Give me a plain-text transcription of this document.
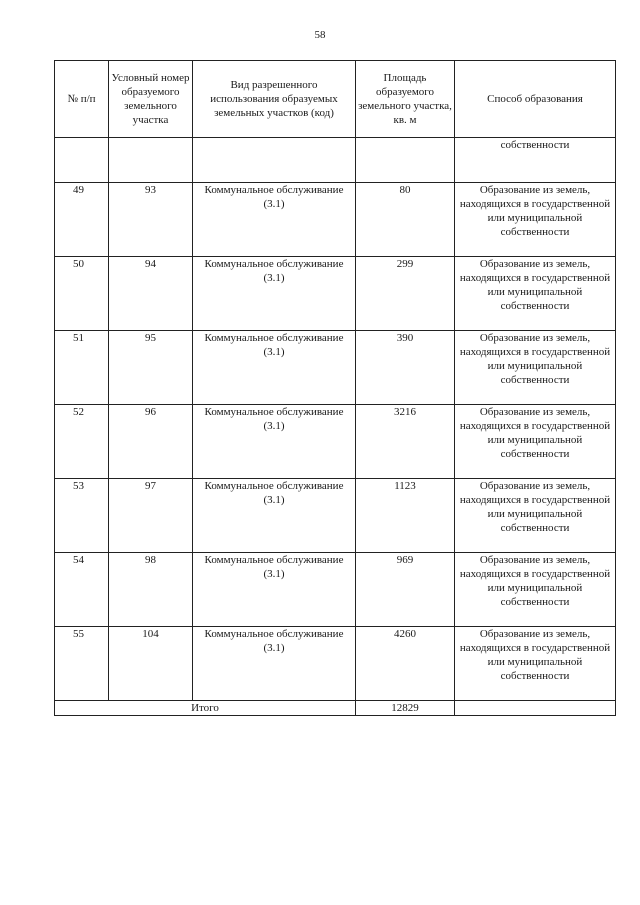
58
№ п/п	Условный номер образуемого земельного участка	Вид разрешенного использования образуемых земельных участков (код)	Площадь образуемого земельного участка, кв. м	Способ образования
				собственности
49	93	Коммунальное обслуживание (3.1)	80	Образование из земель, находящихся в государственной или муниципальной собственности
50	94	Коммунальное обслуживание (3.1)	299	Образование из земель, находящихся в государственной или муниципальной собственности
51	95	Коммунальное обслуживание (3.1)	390	Образование из земель, находящихся в государственной или муниципальной собственности
52	96	Коммунальное обслуживание (3.1)	3216	Образование из земель, находящихся в государственной или муниципальной собственности
53	97	Коммунальное обслуживание (3.1)	1123	Образование из земель, находящихся в государственной или муниципальной собственности
54	98	Коммунальное обслуживание (3.1)	969	Образование из земель, находящихся в государственной или муниципальной собственности
55	104	Коммунальное обслуживание (3.1)	4260	Образование из земель, находящихся в государственной или муниципальной собственности
Итого			12829	
